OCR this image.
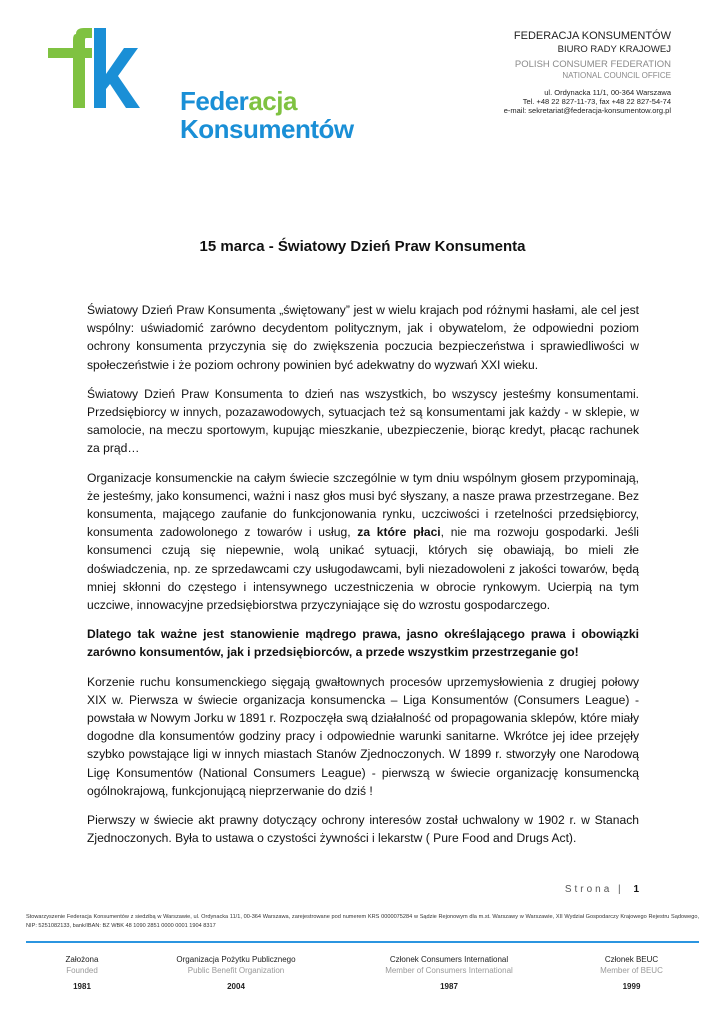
Federacja
Konsumentów
FEDERACJA KONSUMENTÓW
BIURO RADY KRAJOWEJ
POLISH CONSUMER FEDERATION
NATIONAL COUNCIL OFFICE
ul. Ordynacka 11/1, 00-364 Warszawa
Tel. +48 22 827-11-73, fax +48 22 827-54-74
e-mail: sekretariat@federacja-konsumentow.org.pl
15 marca - Światowy Dzień Praw Konsumenta

Światowy Dzień Praw Konsumenta „świętowany” jest w wielu krajach pod różnymi hasłami, ale cel jest wspólny: uświadomić zarówno decydentom politycznym, jak i obywatelom, że odpowiedni poziom ochrony konsumenta przyczynia się do zwiększenia poczucia bezpieczeństwa i sprawiedliwości w społeczeństwie i że poziom ochrony powinien być adekwatny do wyzwań XXI wieku.

Światowy Dzień Praw Konsumenta to dzień nas wszystkich, bo wszyscy jesteśmy konsumentami. Przedsiębiorcy w innych, pozazawodowych, sytuacjach też są konsumentami jak każdy - w sklepie, w samolocie, na meczu sportowym, kupując mieszkanie, ubezpieczenie, biorąc kredyt, płacąc rachunek za prąd…

Organizacje konsumenckie na całym świecie szczególnie w tym dniu wspólnym głosem przypominają, że jesteśmy, jako konsumenci, ważni i nasz głos musi być słyszany, a nasze prawa przestrzegane. Bez konsumenta, mającego zaufanie do funkcjonowania rynku, uczciwości i rzetelności przedsiębiorcy, konsumenta zadowolonego z towarów i usług, za które płaci, nie ma rozwoju gospodarki. Jeśli konsumenci czują się niepewnie, wolą unikać sytuacji, których się obawiają, bo mieli złe doświadczenia, np. ze sprzedawcami czy usługodawcami, byli niezadowoleni z jakości towarów, będą mniej skłonni do częstego i intensywnego uczestniczenia w obrocie rynkowym. Ucierpią na tym uczciwe, innowacyjne przedsiębiorstwa przyczyniające się do wzrostu gospodarczego.

Dlatego tak ważne jest stanowienie mądrego prawa, jasno określającego prawa i obowiązki zarówno konsumentów, jak i przedsiębiorców, a przede wszystkim przestrzeganie go!

Korzenie ruchu konsumenckiego sięgają gwałtownych procesów uprzemysłowienia z drugiej połowy XIX w. Pierwsza w świecie organizacja konsumencka – Liga Konsumentów (Consumers League) - powstała w Nowym Jorku w 1891 r. Rozpoczęła swą działalność od propagowania sklepów, które miały dogodne dla konsumentów godziny pracy i odpowiednie warunki sanitarne. Wkrótce jej idee przejęły szybko powstające ligi w innych miastach Stanów Zjednoczonych. W 1899 r. stworzyły one Narodową Ligę Konsumentów (National Consumers League) - pierwszą w świecie organizację konsumencką ogólnokrajową, funkcjonującą nieprzerwanie do dziś !

Pierwszy w świecie akt prawny dotyczący ochrony interesów został uchwalony w 1902 r. w Stanach Zjednoczonych. Była to ustawa o czystości żywności i lekarstw ( Pure Food and Drugs Act).

Strona | 1
Stowarzyszenie Federacja Konsumentów z siedzibą w Warszawie, ul. Ordynacka 11/1, 00-364 Warszawa, zarejestrowane pod numerem KRS 0000075284 w Sądzie Rejonowym dla m.st. Warszawy w Warszawie, XII Wydział Gospodarczy Krajowego Rejestru Sądowego, NIP: 5251082133, bank/IBAN: BZ WBK 48 1090 2851 0000 0001 1904 8317
Założona
Founded
1981
Organizacja Pożytku Publicznego
Public Benefit Organization
2004
Członek Consumers International
Member of Consumers International
1987
Członek BEUC
Member of BEUC
1999
